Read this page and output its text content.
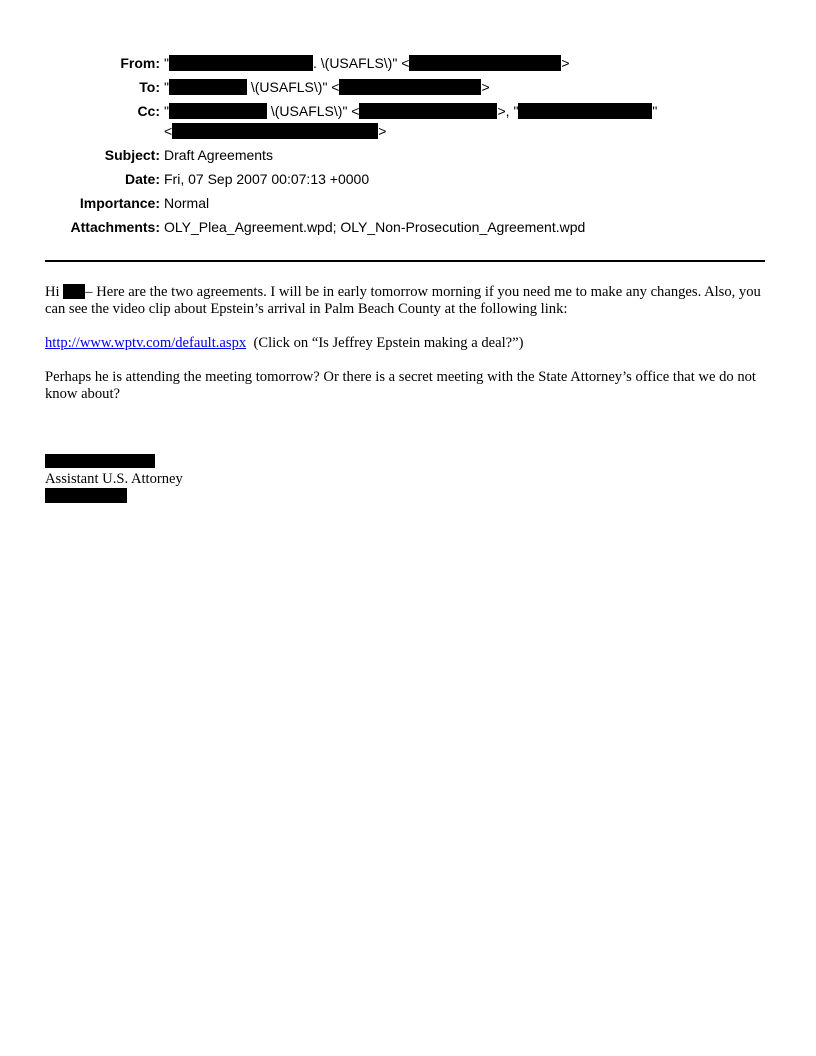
From: "	. \(USAFLS\)" <	>
To: "	\(USAFLS\)" <	>
Cc: "	\(USAFLS\)" <	>, "	"
<	>
Subject: Draft Agreements
Date: Fri, 07 Sep 2007 00:07:13 +0000
Importance: Normal
Attachments: OLY_Plea_Agreement.wpd; OLY_Non-Prosecution_Agreement.wpd

Hi – Here are the two agreements. I will be in early tomorrow morning if you need me to make any changes. Also, you can see the video clip about Epstein’s arrival in Palm Beach County at the following link:

http://www.wptv.com/default.aspx  (Click on “Is Jeffrey Epstein making a deal?”)

Perhaps he is attending the meeting tomorrow? Or there is a secret meeting with the State Attorney’s office that we do not know about?

Assistant U.S. Attorney
